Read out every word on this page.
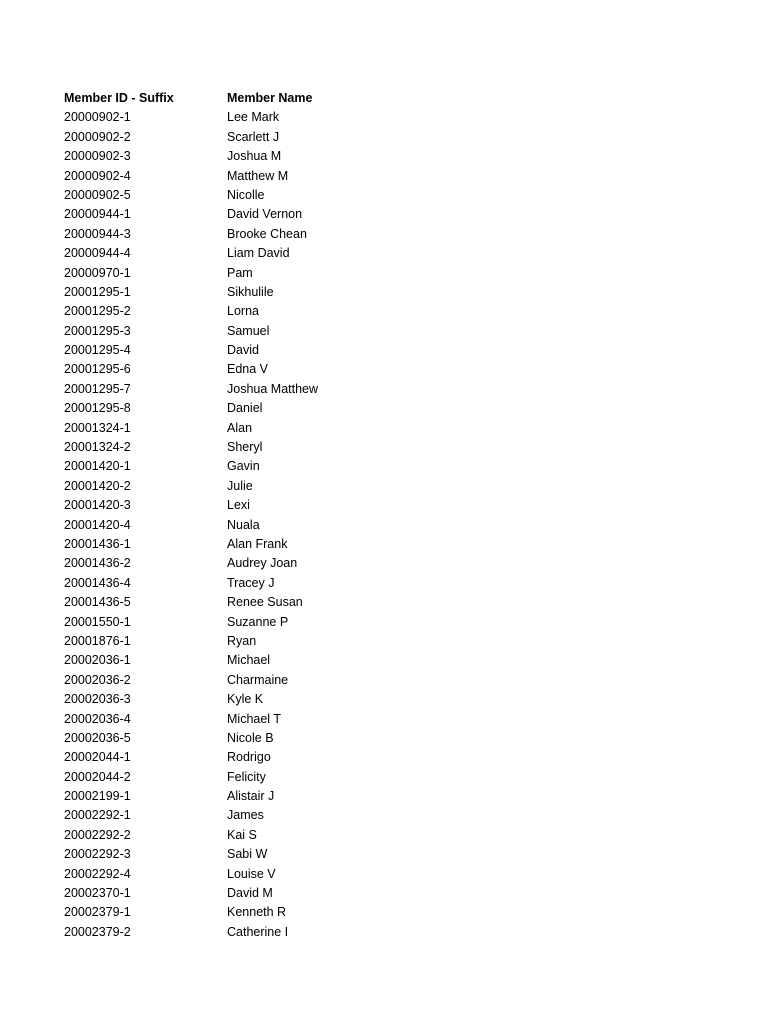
Member ID - Suffix	Member Name
20000902-1	Lee Mark
20000902-2	Scarlett J
20000902-3	Joshua M
20000902-4	Matthew M
20000902-5	Nicolle
20000944-1	David Vernon
20000944-3	Brooke Chean
20000944-4	Liam David
20000970-1	Pam
20001295-1	Sikhulile
20001295-2	Lorna
20001295-3	Samuel
20001295-4	David
20001295-6	Edna V
20001295-7	Joshua Matthew
20001295-8	Daniel
20001324-1	Alan
20001324-2	Sheryl
20001420-1	Gavin
20001420-2	Julie
20001420-3	Lexi
20001420-4	Nuala
20001436-1	Alan Frank
20001436-2	Audrey Joan
20001436-4	Tracey J
20001436-5	Renee Susan
20001550-1	Suzanne P
20001876-1	Ryan
20002036-1	Michael
20002036-2	Charmaine
20002036-3	Kyle K
20002036-4	Michael T
20002036-5	Nicole B
20002044-1	Rodrigo
20002044-2	Felicity
20002199-1	Alistair J
20002292-1	James
20002292-2	Kai S
20002292-3	Sabi W
20002292-4	Louise V
20002370-1	David M
20002379-1	Kenneth R
20002379-2	Catherine I
